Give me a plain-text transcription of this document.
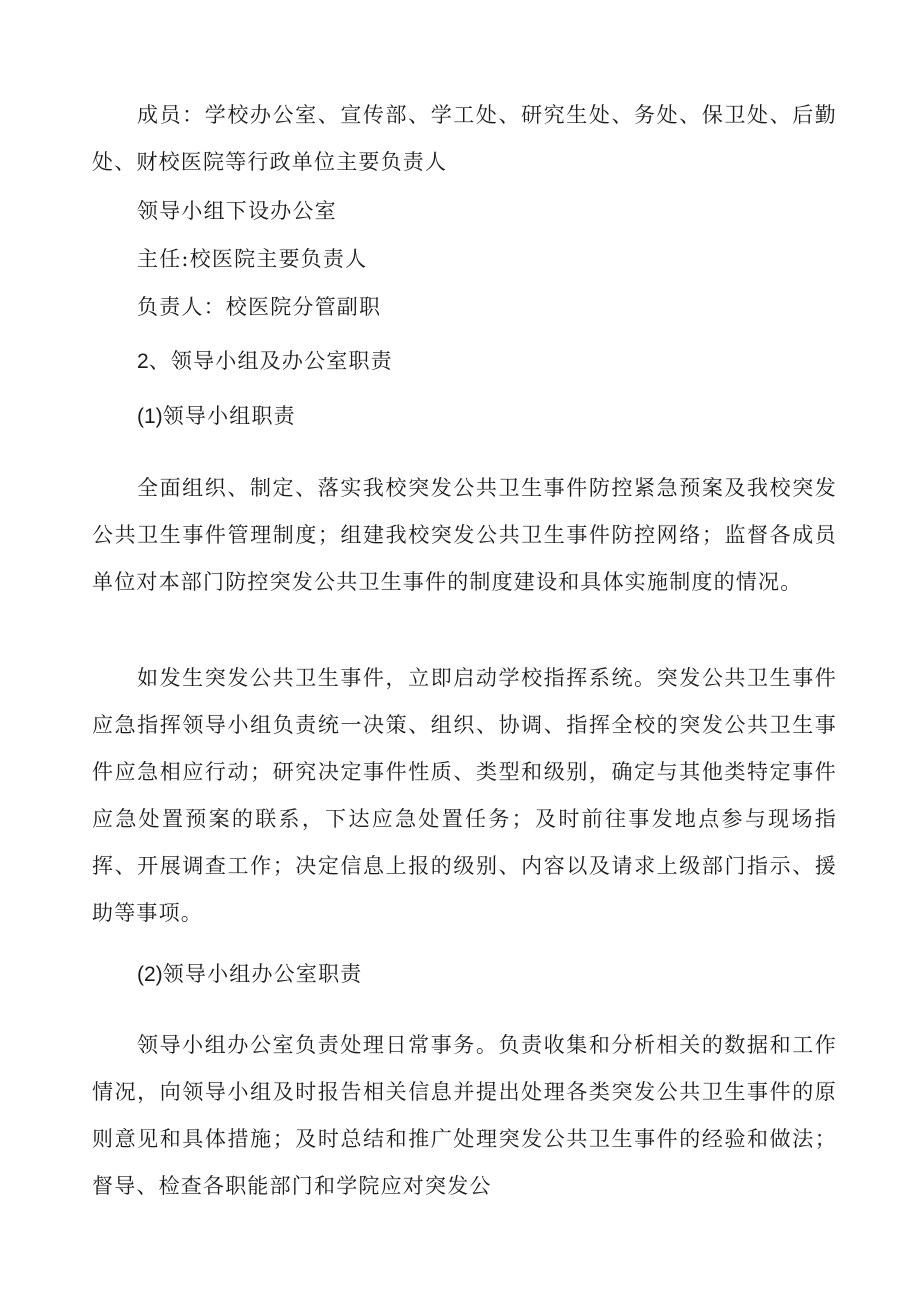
成员：学校办公室、宣传部、学工处、研究生处、务处、保卫处、后勤处、财校医院等行政单位主要负责人

领导小组下设办公室

主任:校医院主要负责人

负责人：校医院分管副职

2、领导小组及办公室职责

(1)领导小组职责

全面组织、制定、落实我校突发公共卫生事件防控紧急预案及我校突发公共卫生事件管理制度；组建我校突发公共卫生事件防控网络；监督各成员单位对本部门防控突发公共卫生事件的制度建设和具体实施制度的情况。

如发生突发公共卫生事件，立即启动学校指挥系统。突发公共卫生事件应急指挥领导小组负责统一决策、组织、协调、指挥全校的突发公共卫生事件应急相应行动；研究决定事件性质、类型和级别，确定与其他类特定事件应急处置预案的联系，下达应急处置任务；及时前往事发地点参与现场指挥、开展调查工作；决定信息上报的级别、内容以及请求上级部门指示、援助等事项。

(2)领导小组办公室职责

领导小组办公室负责处理日常事务。负责收集和分析相关的数据和工作情况，向领导小组及时报告相关信息并提出处理各类突发公共卫生事件的原则意见和具体措施；及时总结和推广处理突发公共卫生事件的经验和做法；督导、检查各职能部门和学院应对突发公
